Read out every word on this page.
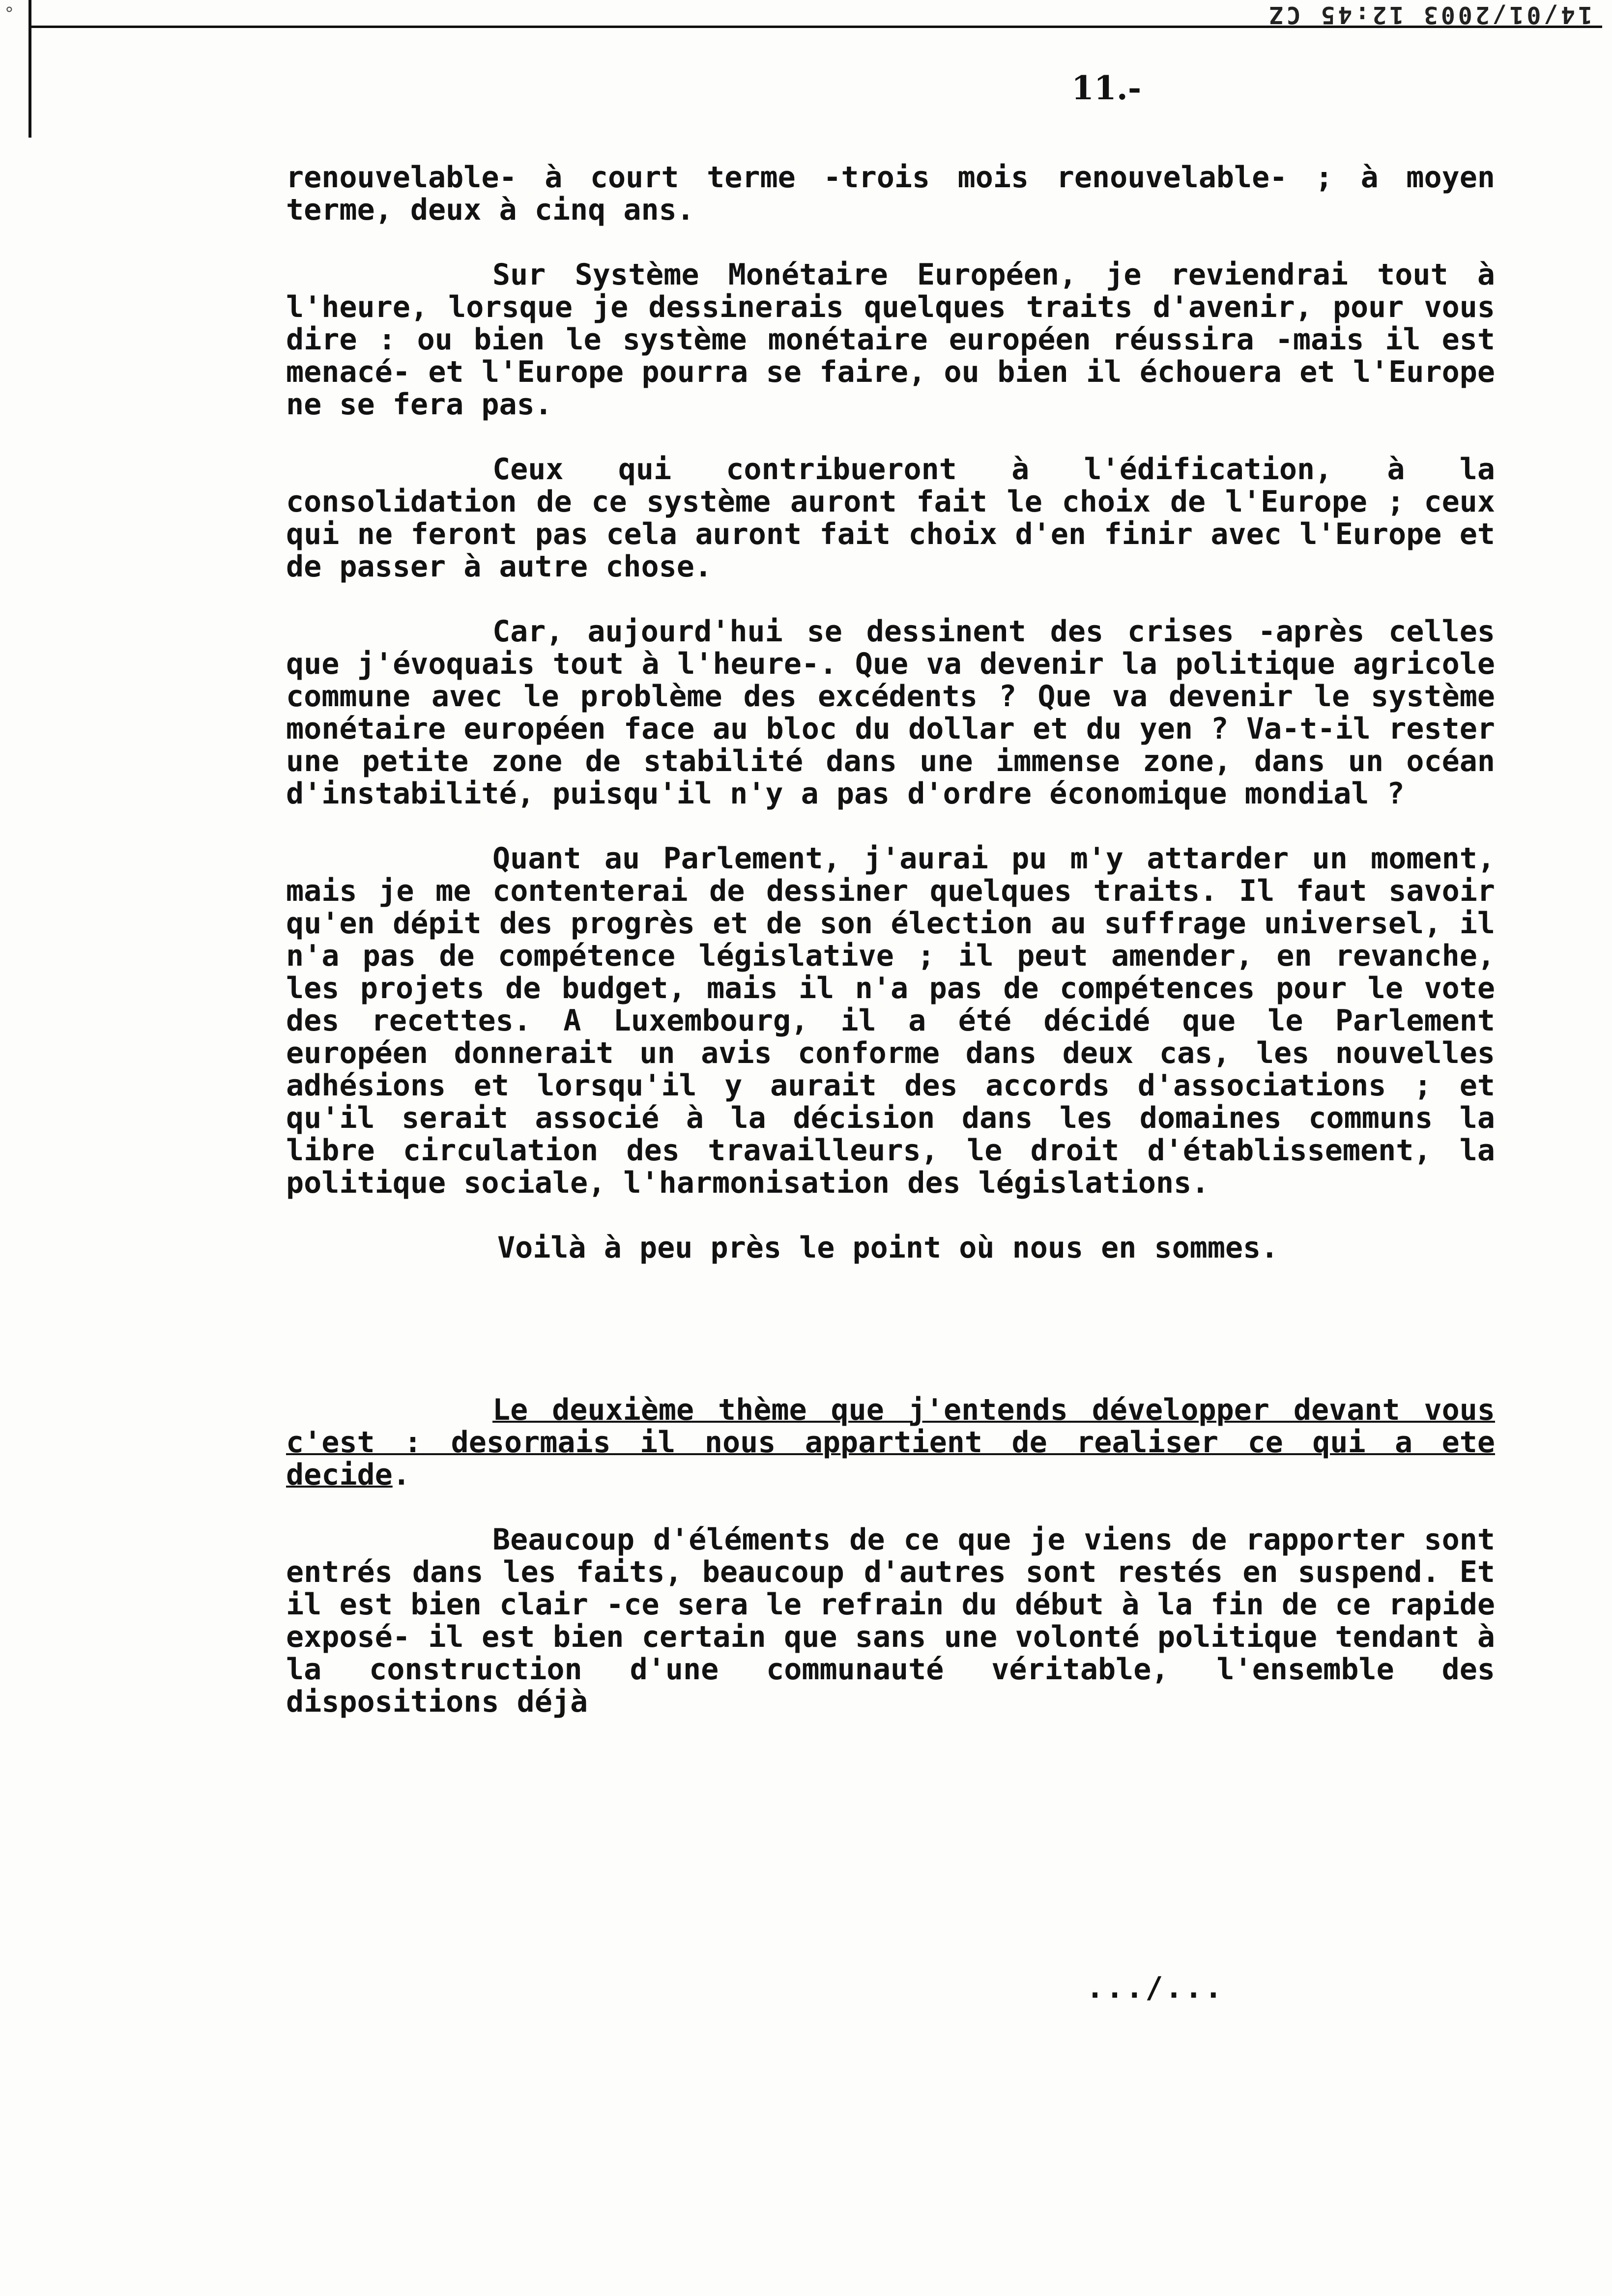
°	14/01/2003 12:45 CZ
11.-

renouvelable- à court terme -trois mois renouvelable- ; à moyen terme, deux à cinq ans.

Sur Système Monétaire Européen, je reviendrai tout à l'heure, lorsque je dessinerais quelques traits d'avenir, pour vous dire : ou bien le système monétaire européen réussira -mais il est menacé- et l'Europe pourra se faire, ou bien il échouera et l'Europe ne se fera pas.

Ceux qui contribueront à l'édification, à la consolidation de ce système auront fait le choix de l'Europe ; ceux qui ne feront pas cela auront fait choix d'en finir avec l'Europe et de passer à autre chose.

Car, aujourd'hui se dessinent des crises -après celles que j'évoquais tout à l'heure-. Que va devenir la politique agricole commune avec le problème des excédents ? Que va devenir le système monétaire européen face au bloc du dollar et du yen ? Va-t-il rester une petite zone de stabilité dans une immense zone, dans un océan d'instabilité, puisqu'il n'y a pas d'ordre économique mondial ?

Quant au Parlement, j'aurai pu m'y attarder un moment, mais je me contenterai de dessiner quelques traits. Il faut savoir qu'en dépit des progrès et de son élection au suffrage universel, il n'a pas de compétence législative ; il peut amender, en revanche, les projets de budget, mais il n'a pas de compétences pour le vote des recettes. A Luxembourg, il a été décidé que le Parlement européen donnerait un avis conforme dans deux cas, les nouvelles adhésions et lorsqu'il y aurait des accords d'associations ; et qu'il serait associé à la décision dans les domaines communs la libre circulation des travailleurs, le droit d'établissement, la politique sociale, l'harmonisation des législations.

Voilà à peu près le point où nous en sommes.

Le deuxième thème que j'entends développer devant vous c'est : desormais il nous appartient de realiser ce qui a ete decide.

Beaucoup d'éléments de ce que je viens de rapporter sont entrés dans les faits, beaucoup d'autres sont restés en suspend. Et il est bien clair -ce sera le refrain du début à la fin de ce rapide exposé- il est bien certain que sans une volonté politique tendant à la construction d'une communauté véritable, l'ensemble des dispositions déjà

.../...
